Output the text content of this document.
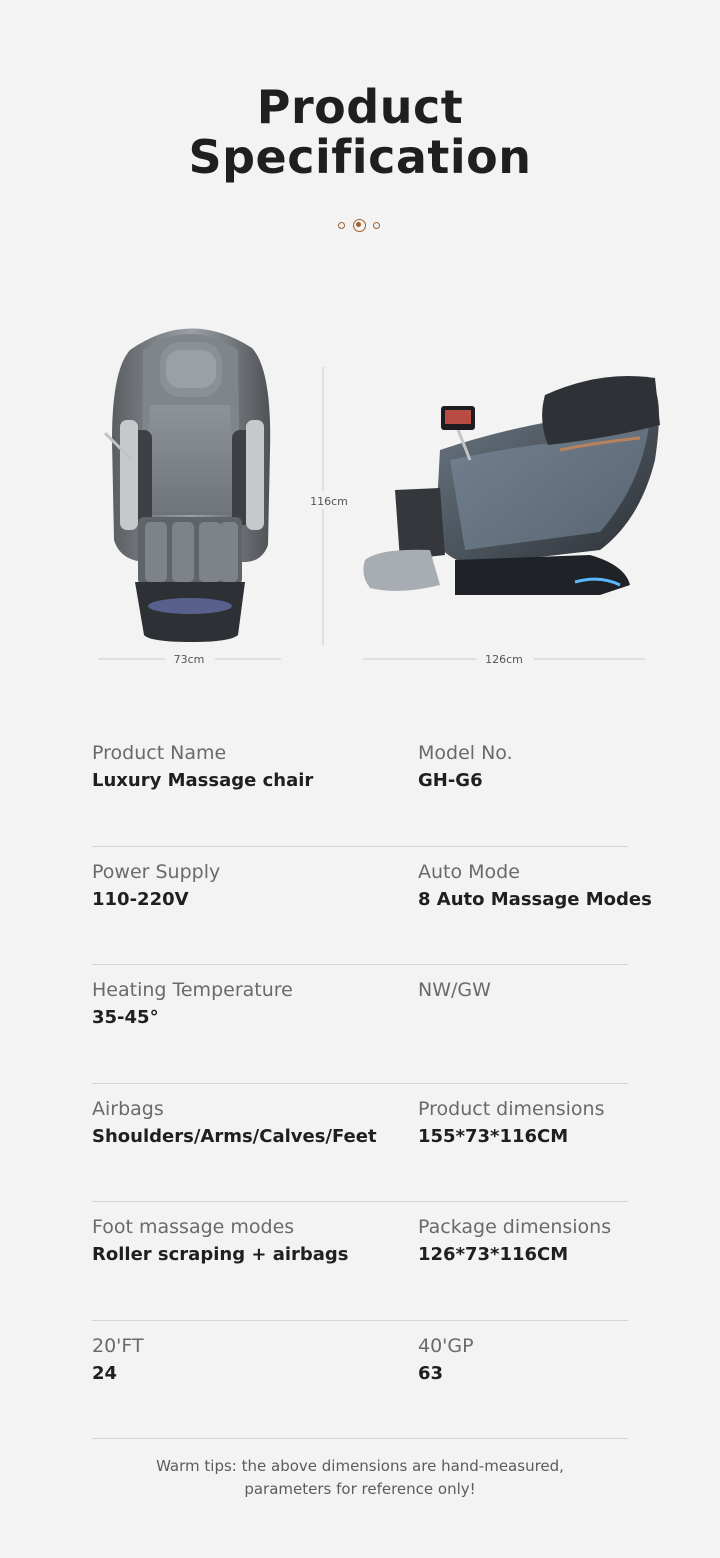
Product
Specification
116cm
73cm	126cm
Product Name
Luxury Massage chair
Model No.
GH-G6
Power Supply
110-220V
Auto Mode
8 Auto Massage Modes
Heating Temperature
35-45°
NW/GW
Airbags
Shoulders/Arms/Calves/Feet
Product dimensions
155*73*116CM
Foot massage modes
Roller scraping + airbags
Package dimensions
126*73*116CM
20'FT
24
40'GP
63
Warm tips: the above dimensions are hand-measured,
parameters for reference only!
